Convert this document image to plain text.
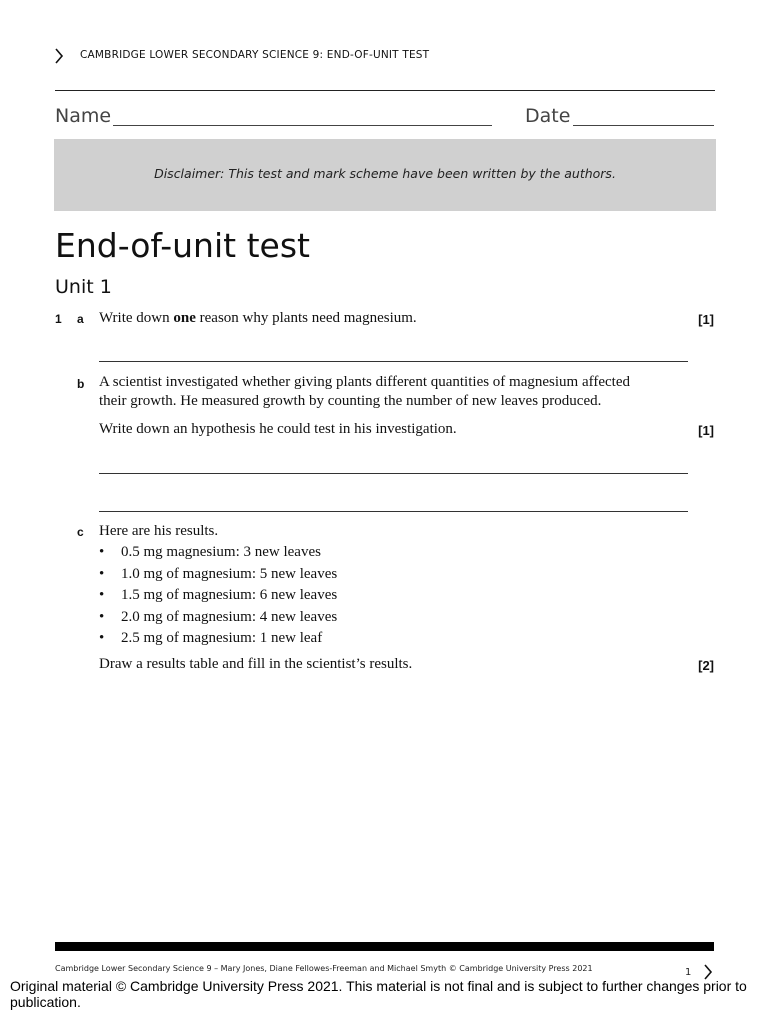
CAMBRIDGE LOWER SECONDARY SCIENCE 9: END-OF-UNIT TEST
Name	Date
Disclaimer: This test and mark scheme have been written by the authors.
End-of-unit test
Unit 1
1 a Write down one reason why plants need magnesium.	[1]
b A scientist investigated whether giving plants different quantities of magnesium affected
their growth. He measured growth by counting the number of new leaves produced.
Write down an hypothesis he could test in his investigation.	[1]
c Here are his results.
• 0.5 mg magnesium: 3 new leaves
• 1.0 mg of magnesium: 5 new leaves
• 1.5 mg of magnesium: 6 new leaves
• 2.0 mg of magnesium: 4 new leaves
• 2.5 mg of magnesium: 1 new leaf
Draw a results table and fill in the scientist’s results.	[2]
Cambridge Lower Secondary Science 9 – Mary Jones, Diane Fellowes-Freeman and Michael Smyth © Cambridge University Press 2021	1
Original material © Cambridge University Press 2021. This material is not final and is subject to further changes prior to publication.
